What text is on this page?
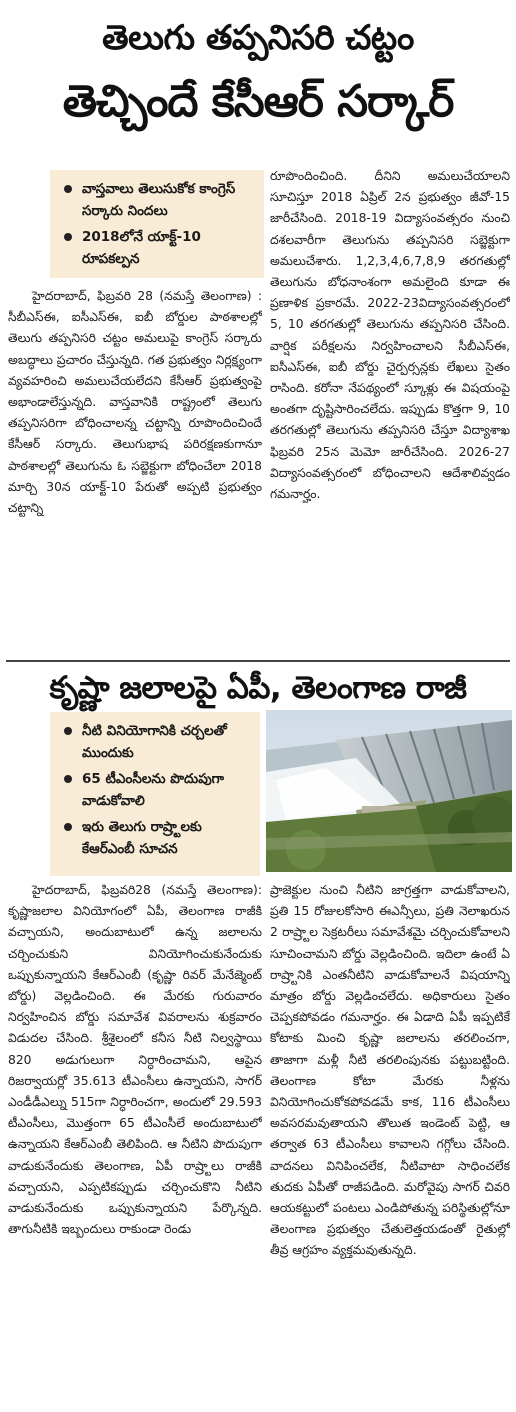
తెలుగు తప్పనిసరి చట్టం
తెచ్చిందే కేసీఆర్ సర్కార్
వాస్తవాలు తెలుసుకోక కాంగ్రెస్ సర్కారు నిందలు
2018లోనే యాక్ట్-10 రూపకల్పన

హైదరాబాద్, ఫిబ్రవరి 28 (నమస్తే తెలంగాణ) : సీబీఎస్ఈ, ఐసీఎస్ఈ, ఐబీ బోర్డుల పాఠశాలల్లో తెలుగు తప్పనిసరి చట్టం అమలుపై కాంగ్రెస్ సర్కారు అబద్ధాలు ప్రచారం చేస్తున్నది. గత ప్రభుత్వం నిర్లక్ష్యంగా వ్యవహరించి అమలుచేయలేదని కేసీఆర్ ప్రభుత్వంపై అభాండాలేస్తున్నది. వాస్తవానికి రాష్ట్రంలో తెలుగు తప్పనిసరిగా బోధించాలన్న చట్టాన్ని రూపొందించిందే కేసీఆర్ సర్కారు. తెలుగుభాష పరిరక్షణకుగానూ పాఠశాలల్లో తెలుగును ఓ సబ్జెక్టుగా బోధించేలా 2018 మార్చి 30న యాక్ట్-10 పేరుతో అప్పటి ప్రభుత్వం చట్టాన్ని

రూపొందించింది. దీనిని అమలుచేయాలని సూచిస్తూ 2018 ఏప్రిల్ 2న ప్రభుత్వం జీవో-15 జారీచేసింది. 2018-19 విద్యాసంవత్సరం నుంచి దశలవారీగా తెలుగును తప్పనిసరి సబ్జెక్టుగా అమలుచేశారు. 1,2,3,4,6,7,8,9 తరగతుల్లో తెలుగును బోధనాంశంగా అమలైంది కూడా ఈ ప్రణాళిక ప్రకారమే. 2022-23విద్యాసంవత్సరంలో 5, 10 తరగతుల్లో తెలుగును తప్పనిసరి చేసింది. వార్షిక పరీక్షలను నిర్వహించాలని సీబీఎస్ఈ, ఐసీఎస్ఈ, ఐబీ బోర్డు చైర్పర్సన్లకు లేఖలు సైతం రాసింది. కరోనా నేపథ్యంలో స్కూళ్లు ఈ విషయంపై అంతగా దృష్టిసారించలేదు. ఇప్పుడు కొత్తగా 9, 10 తరగతుల్లో తెలుగును తప్పనిసరి చేస్తూ విద్యాశాఖ ఫిబ్రవరి 25న మెమో జారీచేసింది. 2026-27 విద్యాసంవత్సరంలో బోధించాలని ఆదేశాలివ్వడం గమనార్హం.

కృష్ణా జలాలపై ఏపీ, తెలంగాణ రాజీ
నీటి వినియోగానికి చర్చలతో ముందుకు
65 టీఎంసీలను పొదుపుగా వాడుకోవాలి
ఇరు తెలుగు రాష్ర్టాలకు కేఆర్ఎంబీ సూచన

హైదరాబాద్, ఫిబ్రవరి28 (నమస్తే తెలంగాణ): కృష్ణాజలాల వినియోగంలో ఏపీ, తెలంగాణ రాజీకి వచ్చాయని, అందుబాటులో ఉన్న జలాలను చర్చించుకుని వినియోగించుకునేందుకు ఒప్పుకున్నాయని కేఆర్ఎంబీ (కృష్ణా రివర్ మేనేజ్మెంట్ బోర్డు) వెల్లడించింది. ఈ మేరకు గురువారం నిర్వహించిన బోర్డు సమావేశ వివరాలను శుక్రవారం విడుదల చేసింది. శ్రీశైలంలో కనీస నీటి నిల్వస్థాయి 820 అడుగులుగా నిర్ధారించామని, ఆపైన రిజర్వాయర్లో 35.613 టీఎంసీలు ఉన్నాయని, సాగర్ ఎండీడీఎల్ను 515గా నిర్ధారించగా, అందులో 29.593 టీఎంసీలు, మొత్తంగా 65 టీఎంసీలే అందుబాటులో ఉన్నాయని కేఆర్ఎంబీ తెలిపింది. ఆ నీటిని పొదుపుగా వాడుకునేందుకు తెలంగాణ, ఏపీ రాష్ర్టాలు రాజీకి వచ్చాయని, ఎప్పటికప్పుడు చర్చించుకొని నీటిని వాడుకునేందుకు ఒప్పుకున్నాయని పేర్కొన్నది. తాగునీటికి ఇబ్బందులు రాకుండా రెండు

ప్రాజెక్టుల నుంచి నీటిని జాగ్రత్తగా వాడుకోవాలని, ప్రతి 15 రోజులకోసారి ఈఎన్సీలు, ప్రతి నెలాఖరున 2 రాష్ర్టాల సెక్రటరీలు సమావేశమై చర్చించుకోవాలని సూచించామని బోర్డు వెల్లడించింది. ఇదిలా ఉంటే ఏ రాష్ర్టానికి ఎంతనీటిని వాడుకోవాలనే విషయాన్ని మాత్రం బోర్డు వెల్లడించలేదు. అధికారులు సైతం చెప్పకపోవడం గమనార్హం. ఈ ఏడాది ఏపీ ఇప్పటికే కోటాకు మించి కృష్ణా జలాలను తరలించగా, తాజాగా మళ్లీ నీటి తరలింపునకు పట్టుబట్టింది. తెలంగాణ కోటా మేరకు నీళ్లను వినియోగించుకోకపోవడమే కాక, 116 టీఎంసీలు అవసరమవుతాయని తొలుత ఇండెంట్ పెట్టి, ఆ తర్వాత 63 టీఎంసీలు కావాలని గగ్గోలు చేసింది. వాదనలు వినిపించలేక, నీటివాటా సాధించలేక తుదకు ఏపీతో రాజీపడింది. మరోవైపు సాగర్ చివరి ఆయకట్టులో పంటలు ఎండిపోతున్న పరిస్థితుల్లోనూ తెలంగాణ ప్రభుత్వం చేతులెత్తయడంతో రైతుల్లో తీవ్ర ఆగ్రహం వ్యక్తమవుతున్నది.
